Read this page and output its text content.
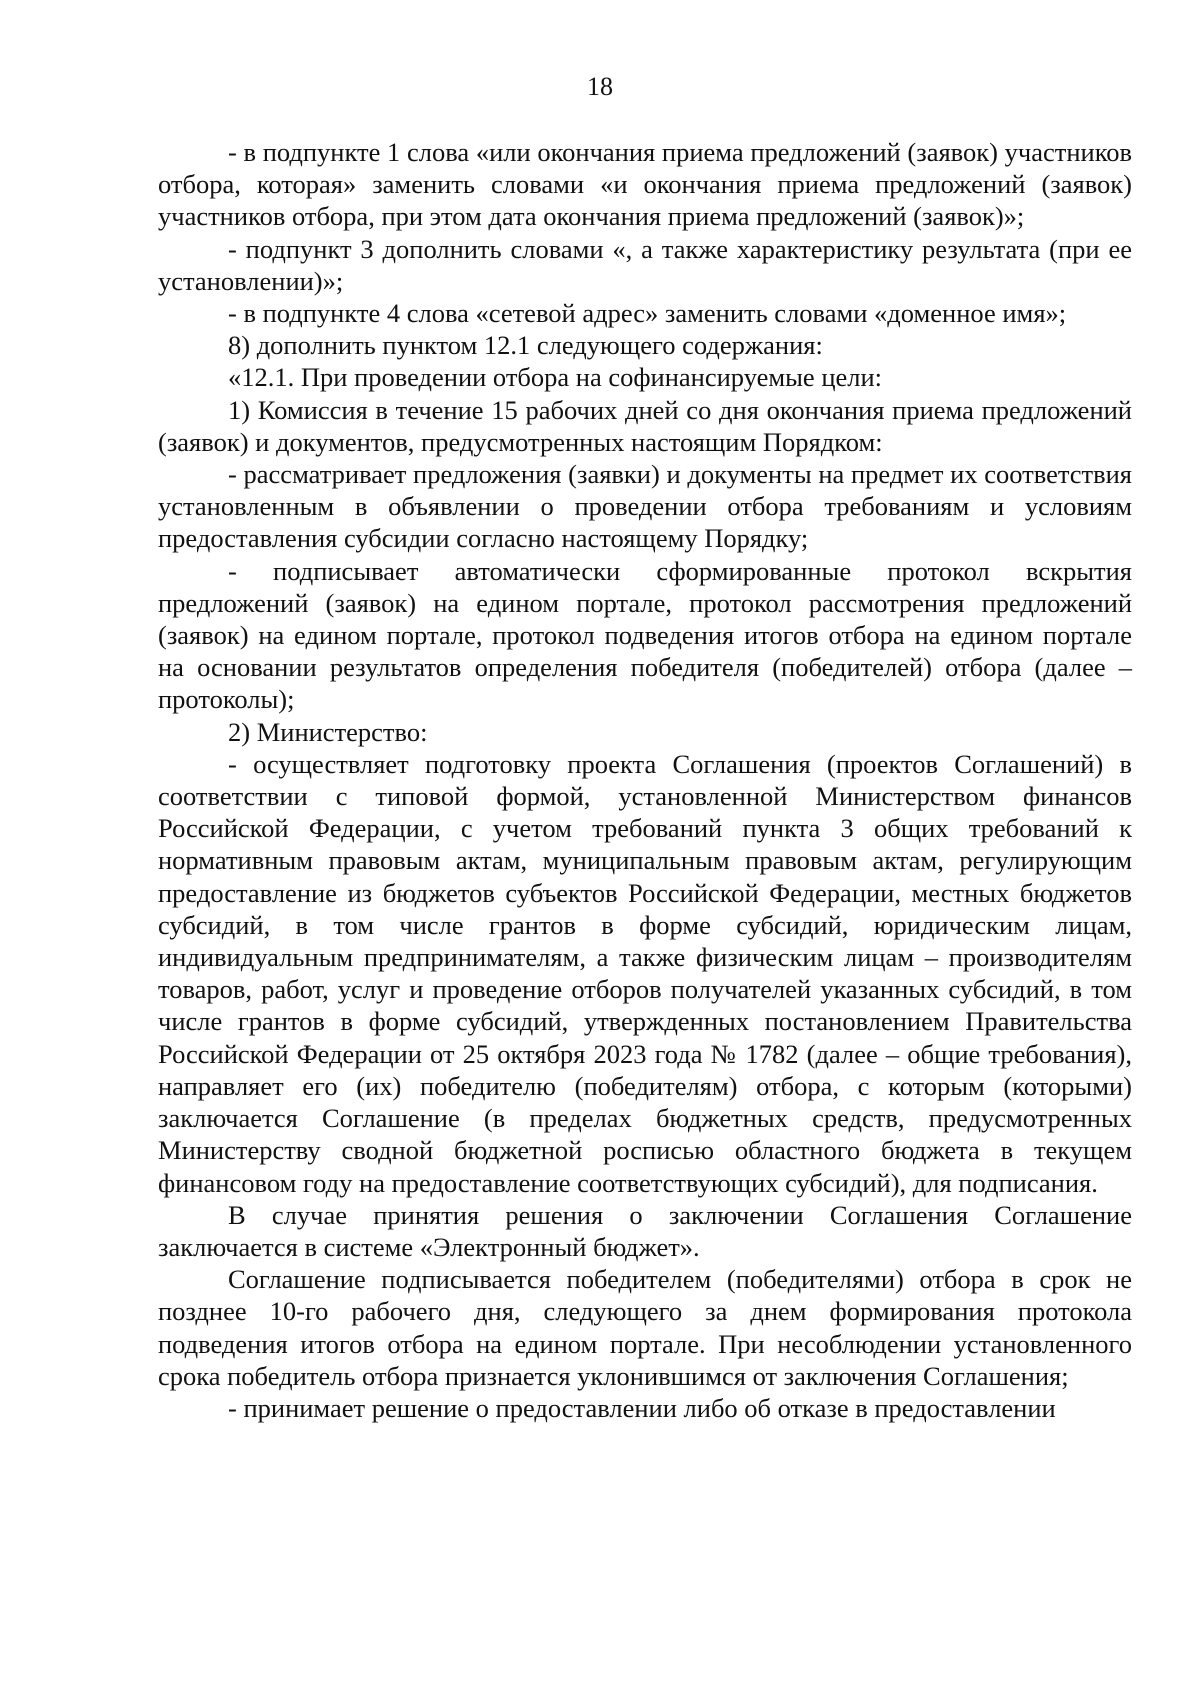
18

- в подпункте 1 слова «или окончания приема предложений (заявок) участников отбора, которая» заменить словами «и окончания приема предложений (заявок) участников отбора, при этом дата окончания приема предложений (заявок)»;

- подпункт 3 дополнить словами «, а также характеристику результата (при ее установлении)»;

- в подпункте 4 слова «сетевой адрес» заменить словами «доменное имя»;

8) дополнить пунктом 12.1 следующего содержания:

«12.1. При проведении отбора на софинансируемые цели:

1) Комиссия в течение 15 рабочих дней со дня окончания приема предложений (заявок) и документов, предусмотренных настоящим Порядком:

- рассматривает предложения (заявки) и документы на предмет их соответствия установленным в объявлении о проведении отбора требованиям и условиям предоставления субсидии согласно настоящему Порядку;

- подписывает автоматически сформированные протокол вскрытия предложений (заявок) на едином портале, протокол рассмотрения предложений (заявок) на едином портале, протокол подведения итогов отбора на едином портале на основании результатов определения победителя (победителей) отбора (далее – протоколы);

2) Министерство:

- осуществляет подготовку проекта Соглашения (проектов Соглашений) в соответствии с типовой формой, установленной Министерством финансов Российской Федерации, с учетом требований пункта 3 общих требований к нормативным правовым актам, муниципальным правовым актам, регулирующим предоставление из бюджетов субъектов Российской Федерации, местных бюджетов субсидий, в том числе грантов в форме субсидий, юридическим лицам, индивидуальным предпринимателям, а также физическим лицам – производителям товаров, работ, услуг и проведение отборов получателей указанных субсидий, в том числе грантов в форме субсидий, утвержденных постановлением Правительства Российской Федерации от 25 октября 2023 года № 1782 (далее – общие требования), направляет его (их) победителю (победителям) отбора, с которым (которыми) заключается Соглашение (в пределах бюджетных средств, предусмотренных Министерству сводной бюджетной росписью областного бюджета в текущем финансовом году на предоставление соответствующих субсидий), для подписания.

В случае принятия решения о заключении Соглашения Соглашение заключается в системе «Электронный бюджет».

Соглашение подписывается победителем (победителями) отбора в срок не позднее 10-го рабочего дня, следующего за днем формирования протокола подведения итогов отбора на едином портале. При несоблюдении установленного срока победитель отбора признается уклонившимся от заключения Соглашения;

- принимает решение о предоставлении либо об отказе в предоставлении
